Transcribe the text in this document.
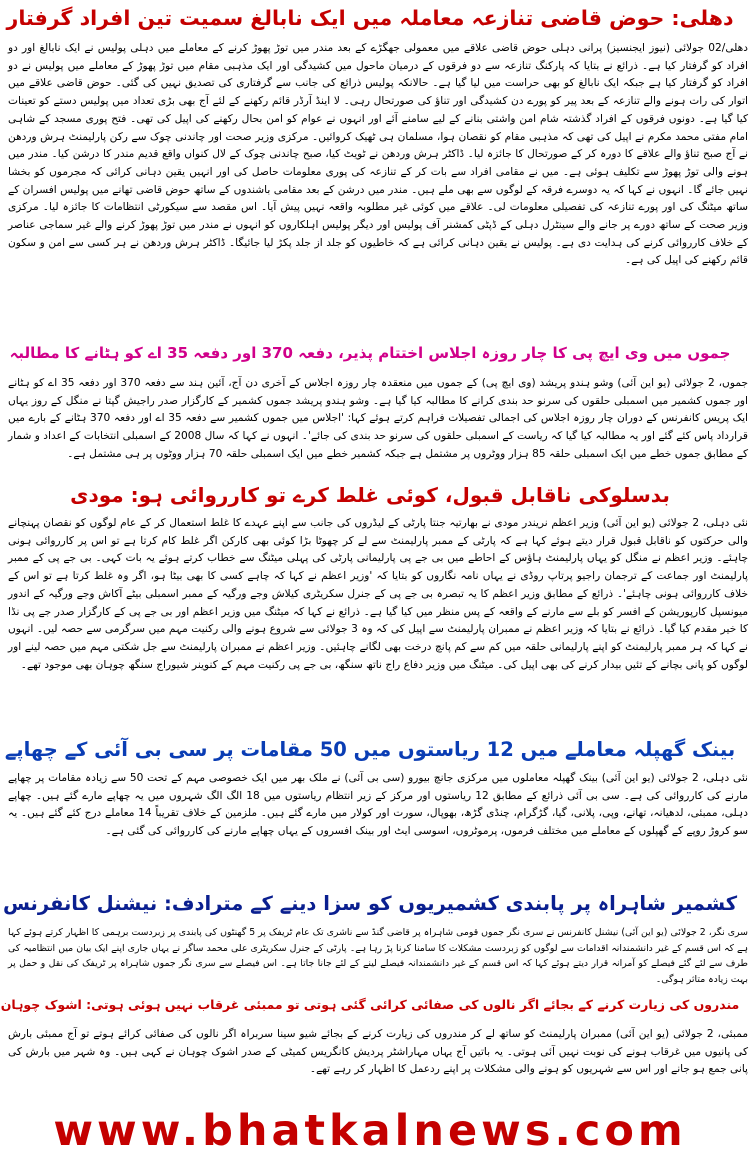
دھلی: حوض قاضی تنازعہ معاملہ میں ایک نابالغ سمیت تین افراد گرفتار
دھلی/02 جولائی (نیوز ایجنسیز) پرانی دہلی حوض قاضی علاقے میں معمولی جھگڑے کے بعد مندر میں توڑ پھوڑ کرنے کے معاملے میں دہلی پولیس نے ایک نابالغ اور دو افراد کو گرفتار کیا ہے۔ ذرائع نے بتایا کہ پارکنگ تنازعہ سے دو فرقوں کے درمیان ماحول میں کشیدگی اور ایک مذہبی مقام میں توڑ پھوڑ کے معاملے میں پولیس نے دو افراد کو گرفتار کیا ہے جبکہ ایک نابالغ کو بھی حراست میں لیا گیا ہے۔ حالانکہ پولیس ذرائع کی جانب سے گرفتاری کی تصدیق نہیں کی گئی۔ حوض قاضی علاقے میں اتوار کی رات ہونے والے تنازعہ کے بعد پیر کو پورے دن کشیدگی اور تناؤ کی صورتحال رہی۔ لا اینڈ آرڈر قائم رکھنے کے لئے آج بھی بڑی تعداد میں پولیس دستے کو تعینات کیا گیا ہے۔ دونوں فرقوں کے افراد گذشتہ شام امن واشتی بنانے کے لیے سامنے آئے اور انہوں نے عوام کو امن بحال رکھنے کی اپیل کی تھی۔ فتح پوری مسجد کے شاہی امام مفتی محمد مکرم نے اپیل کی تھی کہ مذہبی مقام کو نقصان ہوا، مسلمان ہی ٹھیک کروائیں۔ مرکزی وزیر صحت اور چاندنی چوک سے رکن پارلیمنٹ ہرش وردھن نے آج صبح تناؤ والے علاقے کا دورہ کر کے صورتحال کا جائزہ لیا۔ ڈاکٹر ہرش وردھن نے ٹویٹ کیا، صبح چاندنی چوک کے لال کنواں واقع قدیم مندر کا درشن کیا۔ مندر میں ہونے والی توڑ پھوڑ سے تکلیف ہوئی ہے۔ میں نے مقامی افراد سے بات کر کے تنازعہ کی پوری معلومات حاصل کی اور انہیں یقین دہانی کرائی کہ مجرموں کو بخشا نہیں جائے گا۔ انہوں نے کہا کہ یہ دوسرے فرقہ کے لوگوں سے بھی ملے ہیں۔ مندر میں درشن کے بعد مقامی باشندوں کے ساتھ حوض قاضی تھانے میں پولیس افسران کے ساتھ میٹنگ کی اور پورے تنازعہ کی تفصیلی معلومات لی۔ علاقے میں کوئی غیر مطلوبہ واقعہ نہیں پیش آیا۔ اس مقصد سے سیکورٹی انتظامات کا جائزہ لیا۔ مرکزی وزیر صحت کے ساتھ دورے پر جانے والے سینٹرل دہلی کے ڈپٹی کمشنر آف پولیس اور دیگر پولیس اہلکاروں کو انہوں نے مندر میں توڑ پھوڑ کرنے والے غیر سماجی عناصر کے خلاف کارروائی کرنے کی ہدایت دی ہے۔ پولیس نے یقین دہانی کرائی ہے کہ خاطیوں کو جلد از جلد پکڑ لیا جائیگا۔ ڈاکٹر ہرش وردھن نے ہر کسی سے امن و سکون قائم رکھنے کی اپیل کی ہے۔
جموں میں وی ایچ پی کا چار روزہ اجلاس اختتام پذیر، دفعہ 370 اور دفعہ 35 اے کو ہٹانے کا مطالبہ
جموں، 2 جولائی (یو این آئی) وشو ہندو پریشد (وی ایچ پی) کے جموں میں منعقدہ چار روزہ اجلاس کے آخری دن آج، آئین ہند سے دفعہ 370 اور دفعہ 35 اے کو ہٹانے اور جموں کشمیر میں اسمبلی حلقوں کی سرنو حد بندی کرانے کا مطالبہ کیا گیا ہے۔ وشو ہندو پریشد جموں کشمیر کے کارگزار صدر راجیش گپتا نے منگل کے روز یہاں ایک پریس کانفرنس کے دوران چار روزہ اجلاس کی اجمالی تفصیلات فراہم کرتے ہوئے کہا: 'اجلاس میں جموں کشمیر سے دفعہ 35 اے اور دفعہ 370 ہٹانے کے بارے میں قرارداد پاس کئے گئے اور یہ مطالبہ کیا گیا کہ ریاست کے اسمبلی حلقوں کی سرنو حد بندی کی جائے'۔ انہوں نے کہا کہ سال 2008 کے اسمبلی انتخابات کے اعداد و شمار کے مطابق جموں خطے میں ایک اسمبلی حلقہ 85 ہزار ووٹروں پر مشتمل ہے جبکہ کشمیر خطے میں ایک اسمبلی حلقہ 70 ہزار ووٹوں پر ہی مشتمل ہے۔
بدسلوکی ناقابل قبول، کوئی غلط کرے تو کارروائی ہو: مودی
نئی دہلی، 2 جولائی (یو این آئی) وزیر اعظم نریندر مودی نے بھارتیہ جنتا پارٹی کے لیڈروں کی جانب سے اپنے عہدے کا غلط استعمال کر کے عام لوگوں کو نقصان پہنچانے والی حرکتوں کو ناقابل قبول قرار دیتے ہوئے کہا ہے کہ پارٹی کے ممبر پارلیمنٹ سے لے کر چھوٹا بڑا کوئی بھی کارکن اگر غلط کام کرتا ہے تو اس پر کارروائی ہونی چاہئے۔ وزیر اعظم نے منگل کو یہاں پارلیمنٹ ہاؤس کے احاطے میں بی جے پی پارلیمانی پارٹی کی پہلی میٹنگ سے خطاب کرتے ہوئے یہ بات کہی۔ بی جے پی کے ممبر پارلیمنٹ اور جماعت کے ترجمان راجیو پرتاپ روڈی نے یہاں نامہ نگاروں کو بتایا کہ 'وزیر اعظم نے کہا کہ چاہے کسی کا بھی بیٹا ہو، اگر وہ غلط کرتا ہے تو اس کے خلاف کارروائی ہونی چاہئے'۔ ذرائع کے مطابق وزیر اعظم کا یہ تبصرہ بی جے پی کے جنرل سکریٹری کیلاش وجے ورگیہ کے ممبر اسمبلی بیٹے آکاش وجے ورگیہ کے اندور میونسپل کارپوریشن کے افسر کو بلے سے مارنے کے واقعہ کے پس منظر میں کیا گیا ہے۔ ذرائع نے کہا کہ میٹنگ میں وزیر اعظم اور بی جے پی کے کارگزار صدر جے پی نڈا کا خیر مقدم کیا گیا۔ ذرائع نے بتایا کہ وزیر اعظم نے ممبران پارلیمنٹ سے اپیل کی کہ وہ 3 جولائی سے شروع ہونے والی رکنیت مہم میں سرگرمی سے حصہ لیں۔ انہوں نے کہا کہ ہر ممبر پارلیمنٹ کو اپنے پارلیمانی حلقہ میں کم سے کم پانچ درخت بھی لگانے چاہئیں۔ وزیر اعظم نے ممبران پارلیمنٹ سے جل شکتی مہم میں حصہ لینے اور لوگوں کو پانی بچانے کے تئیں بیدار کرنے کی بھی اپیل کی۔ میٹنگ میں وزیر دفاع راج ناتھ سنگھ، بی جے پی رکنیت مہم کے کنوینر شیوراج سنگھ چوہان بھی موجود تھے۔
بینک گھپلہ معاملے میں 12 ریاستوں میں 50 مقامات پر سی بی آئی کے چھاپے
نئی دہلی، 2 جولائی (یو این آئی) بینک گھپلہ معاملوں میں مرکزی جانچ بیورو (سی بی آئی) نے ملک بھر میں ایک خصوصی مہم کے تحت 50 سے زیادہ مقامات پر چھاپے مارنے کی کارروائی کی ہے۔ سی بی آئی ذرائع کے مطابق 12 ریاستوں اور مرکز کے زیر انتظام ریاستوں میں 18 الگ الگ شہروں میں یہ چھاپے مارے گئے ہیں۔ چھاپے دہلی، ممبئی، لدھیانہ، تھانے، وپی، پلانی، گیا، گڑگرام، چنڈی گڑھ، بھوپال، سورت اور کولار میں مارے گئے ہیں۔ ملزمین کے خلاف تقریباً 14 معاملے درج کئے گئے ہیں۔ یہ سو کروڑ روپے کے گھپلوں کے معاملے میں مختلف فرموں، پرموٹروں، اسوسی ایٹ اور بینک افسروں کے یہاں چھاپے مارنے کی کارروائی کی گئی ہے۔
کشمیر شاہراہ پر پابندی کشمیریوں کو سزا دینے کے مترادف: نیشنل کانفرنس
سری نگر، 2 جولائی (یو این آئی) نیشنل کانفرنس نے سری نگر جموں قومی شاہراہ پر قاضی گنڈ سے ناشری تک عام ٹریفک پر 5 گھنٹوں کی پابندی پر زبردست برہمی کا اظہار کرتے ہوئے کہا ہے کہ اس قسم کے غیر دانشمندانہ اقدامات سے لوگوں کو زبردست مشکلات کا سامنا کرنا پڑ رہا ہے۔ پارٹی کے جنرل سکریٹری علی محمد ساگر نے یہاں جاری اپنے ایک بیان میں انتظامیہ کی طرف سے لئے گئے فیصلے کو آمرانہ قرار دیتے ہوئے کہا کہ اس قسم کے غیر دانشمندانہ فیصلے لینے کے لئے جانا جاتا ہے۔ اس فیصلے سے سری نگر جموں شاہراہ پر ٹریفک کی نقل و حمل پر بہت زیادہ متاثر ہوگی۔
مندروں کی زیارت کرنے کے بجائے اگر نالوں کی صفائی کرائی گئی ہوتی تو ممبئی غرقاب نہیں ہوئی ہوتی: اشوک چوہان
ممبئی، 2 جولائی (یو این آئی) ممبران پارلیمنٹ کو ساتھ لے کر مندروں کی زیارت کرنے کے بجائے شیو سینا سربراہ اگر نالوں کی صفائی کرائے ہوتے تو آج ممبئی بارش کی پانیوں میں غرقاب ہونے کی نوبت نہیں آئی ہوتی۔ یہ باتیں آج یہاں مہاراشٹر پردیش کانگریس کمیٹی کے صدر اشوک چوہان نے کہی ہیں۔ وہ شہر میں بارش کی پانی جمع ہو جانے اور اس سے شہریوں کو ہونے والی مشکلات پر اپنے ردعمل کا اظہار کر رہے تھے۔
www.bhatkalnews.com
